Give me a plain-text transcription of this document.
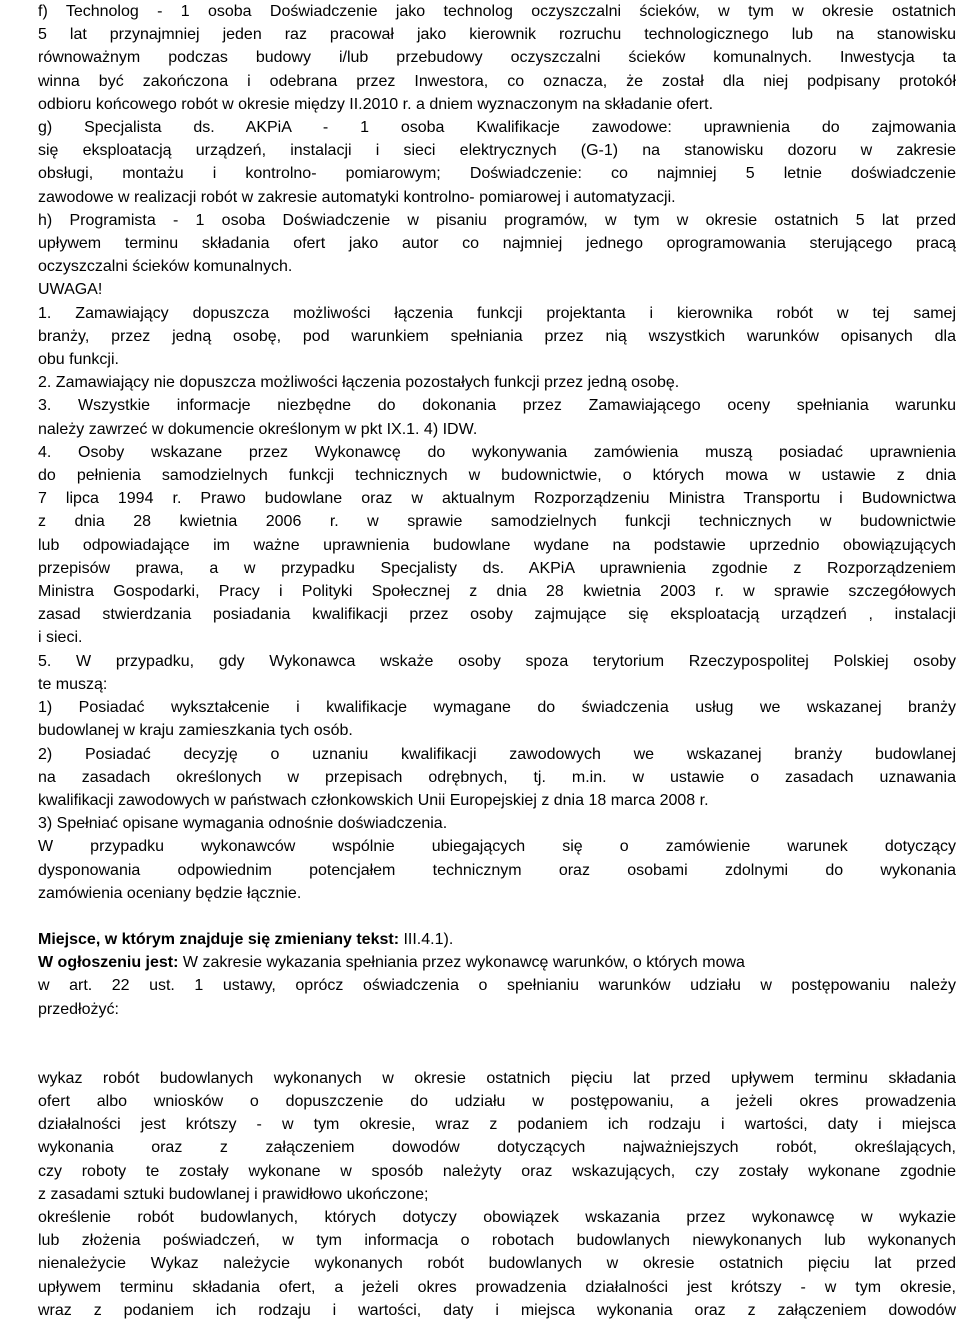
f) Technolog - 1 osoba Doświadczenie jako technolog oczyszczalni ścieków, w tym w okresie ostatnich
5 lat przynajmniej jeden raz pracował jako kierownik rozruchu technologicznego lub na stanowisku
równoważnym podczas budowy i/lub przebudowy oczyszczalni ścieków komunalnych. Inwestycja ta
winna być zakończona i odebrana przez Inwestora, co oznacza, że został dla niej podpisany protokół
odbioru końcowego robót w okresie między II.2010 r. a dniem wyznaczonym na składanie ofert.
g) Specjalista ds. AKPiA - 1 osoba Kwalifikacje zawodowe: uprawnienia do zajmowania
się eksploatacją urządzeń, instalacji i sieci elektrycznych (G-1) na stanowisku dozoru w zakresie
obsługi, montażu i kontrolno- pomiarowym; Doświadczenie: co najmniej 5 letnie doświadczenie
zawodowe w realizacji robót w zakresie automatyki kontrolno- pomiarowej i automatyzacji.
h) Programista - 1 osoba Doświadczenie w pisaniu programów, w tym w okresie ostatnich 5 lat przed
upływem terminu składania ofert jako autor co najmniej jednego oprogramowania sterującego pracą
oczyszczalni ścieków komunalnych.
UWAGA!
1. Zamawiający dopuszcza możliwości łączenia funkcji projektanta i kierownika robót w tej samej
branży, przez jedną osobę, pod warunkiem spełniania przez nią wszystkich warunków opisanych dla
obu funkcji.
2. Zamawiający nie dopuszcza możliwości łączenia pozostałych funkcji przez jedną osobę.
3. Wszystkie informacje niezbędne do dokonania przez Zamawiającego oceny spełniania warunku
należy zawrzeć w dokumencie określonym w pkt IX.1. 4) IDW.
4. Osoby wskazane przez Wykonawcę do wykonywania zamówienia muszą posiadać uprawnienia
do pełnienia samodzielnych funkcji technicznych w budownictwie, o których mowa w ustawie z dnia
7 lipca 1994 r. Prawo budowlane oraz w aktualnym Rozporządzeniu Ministra Transportu i Budownictwa
z dnia 28 kwietnia 2006 r. w sprawie samodzielnych funkcji technicznych w budownictwie
lub odpowiadające im ważne uprawnienia budowlane wydane na podstawie uprzednio obowiązujących
przepisów prawa, a w przypadku Specjalisty ds. AKPiA uprawnienia zgodnie z Rozporządzeniem
Ministra Gospodarki, Pracy i Polityki Społecznej z dnia 28 kwietnia 2003 r. w sprawie szczegółowych
zasad stwierdzania posiadania kwalifikacji przez osoby zajmujące się eksploatacją urządzeń , instalacji
i sieci.
5. W przypadku, gdy Wykonawca wskaże osoby spoza terytorium Rzeczypospolitej Polskiej osoby
te muszą:
1) Posiadać wykształcenie i kwalifikacje wymagane do świadczenia usług we wskazanej branży
budowlanej w kraju zamieszkania tych osób.
2) Posiadać decyzję o uznaniu kwalifikacji zawodowych we wskazanej branży budowlanej
na zasadach określonych w przepisach odrębnych, tj. m.in. w ustawie o zasadach uznawania
kwalifikacji zawodowych w państwach członkowskich Unii Europejskiej z dnia 18 marca 2008 r.
3) Spełniać opisane wymagania odnośnie doświadczenia.
W przypadku wykonawców wspólnie ubiegających się o zamówienie warunek dotyczący
dysponowania odpowiednim potencjałem technicznym oraz osobami zdolnymi do wykonania
zamówienia oceniany będzie łącznie.
Miejsce, w którym znajduje się zmieniany tekst: III.4.1).
W ogłoszeniu jest: W zakresie wykazania spełniania przez wykonawcę warunków, o których mowa
w art. 22 ust. 1 ustawy, oprócz oświadczenia o spełnianiu warunków udziału w postępowaniu należy
przedłożyć:
wykaz robót budowlanych wykonanych w okresie ostatnich pięciu lat przed upływem terminu składania
ofert albo wniosków o dopuszczenie do udziału w postępowaniu, a jeżeli okres prowadzenia
działalności jest krótszy - w tym okresie, wraz z podaniem ich rodzaju i wartości, daty i miejsca
wykonania oraz z załączeniem dowodów dotyczących najważniejszych robót, określających,
czy roboty te zostały wykonane w sposób należyty oraz wskazujących, czy zostały wykonane zgodnie
z zasadami sztuki budowlanej i prawidłowo ukończone;
określenie robót budowlanych, których dotyczy obowiązek wskazania przez wykonawcę w wykazie
lub złożenia poświadczeń, w tym informacja o robotach budowlanych niewykonanych lub wykonanych
nienależycie Wykaz należycie wykonanych robót budowlanych w okresie ostatnich pięciu lat przed
upływem terminu składania ofert, a jeżeli okres prowadzenia działalności jest krótszy - w tym okresie,
wraz z podaniem ich rodzaju i wartości, daty i miejsca wykonania oraz z załączeniem dowodów
